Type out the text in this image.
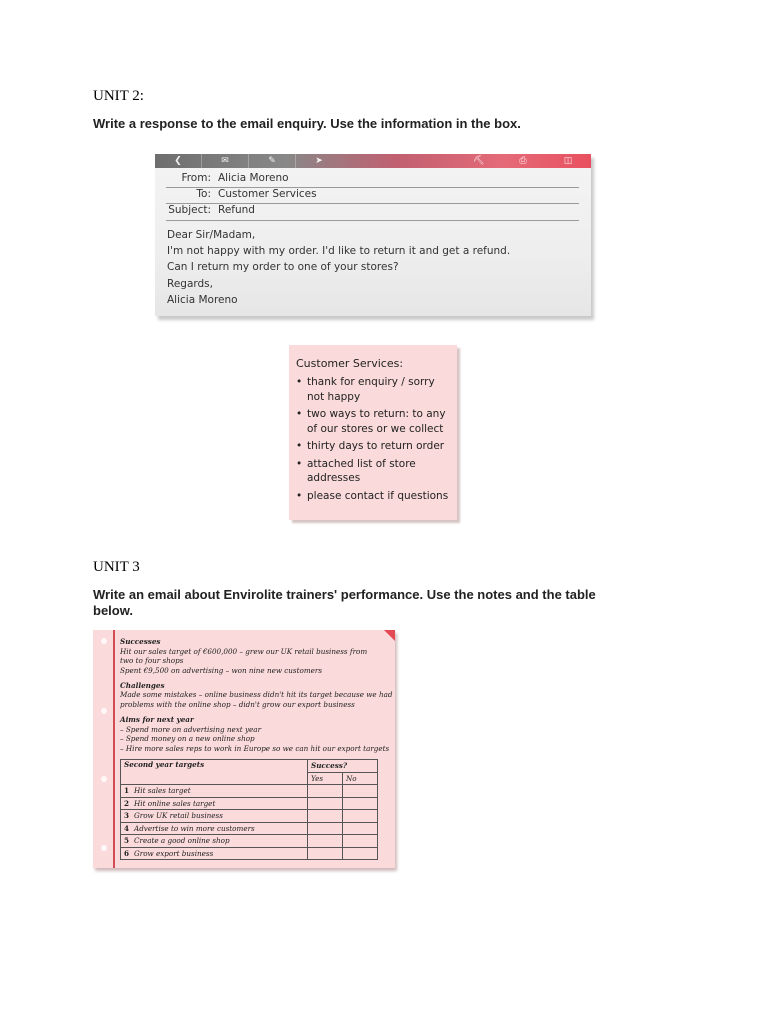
UNIT 2:
Write a response to the email enquiry. Use the information in the box.
❮	✉	✎	➤	⛏	⎙	◫
From: Alicia Moreno
To: Customer Services
Subject: Refund
Dear Sir/Madam,
I'm not happy with my order. I'd like to return it and get a refund.
Can I return my order to one of your stores?
Regards,
Alicia Moreno
Customer Services:
• thank for enquiry / sorry
not happy
• two ways to return: to any
of our stores or we collect
• thirty days to return order
• attached list of store
addresses
• please contact if questions
UNIT 3
Write an email about Envirolite trainers' performance. Use the notes and the table
below.
Successes
Hit our sales target of €600,000 – grew our UK retail business from
two to four shops
Spent €9,500 on advertising – won nine new customers
Challenges
Made some mistakes – online business didn't hit its target because we had
problems with the online shop – didn't grow our export business
Aims for next year
– Spend more on advertising next year
– Spend money on a new online shop
– Hire more sales reps to work in Europe so we can hit our export targets
Second year targets	Success?	
	Yes	No
1 Hit sales target		
2 Hit online sales target		
3 Grow UK retail business		
4 Advertise to win more customers		
5 Create a good online shop		
6 Grow export business		
